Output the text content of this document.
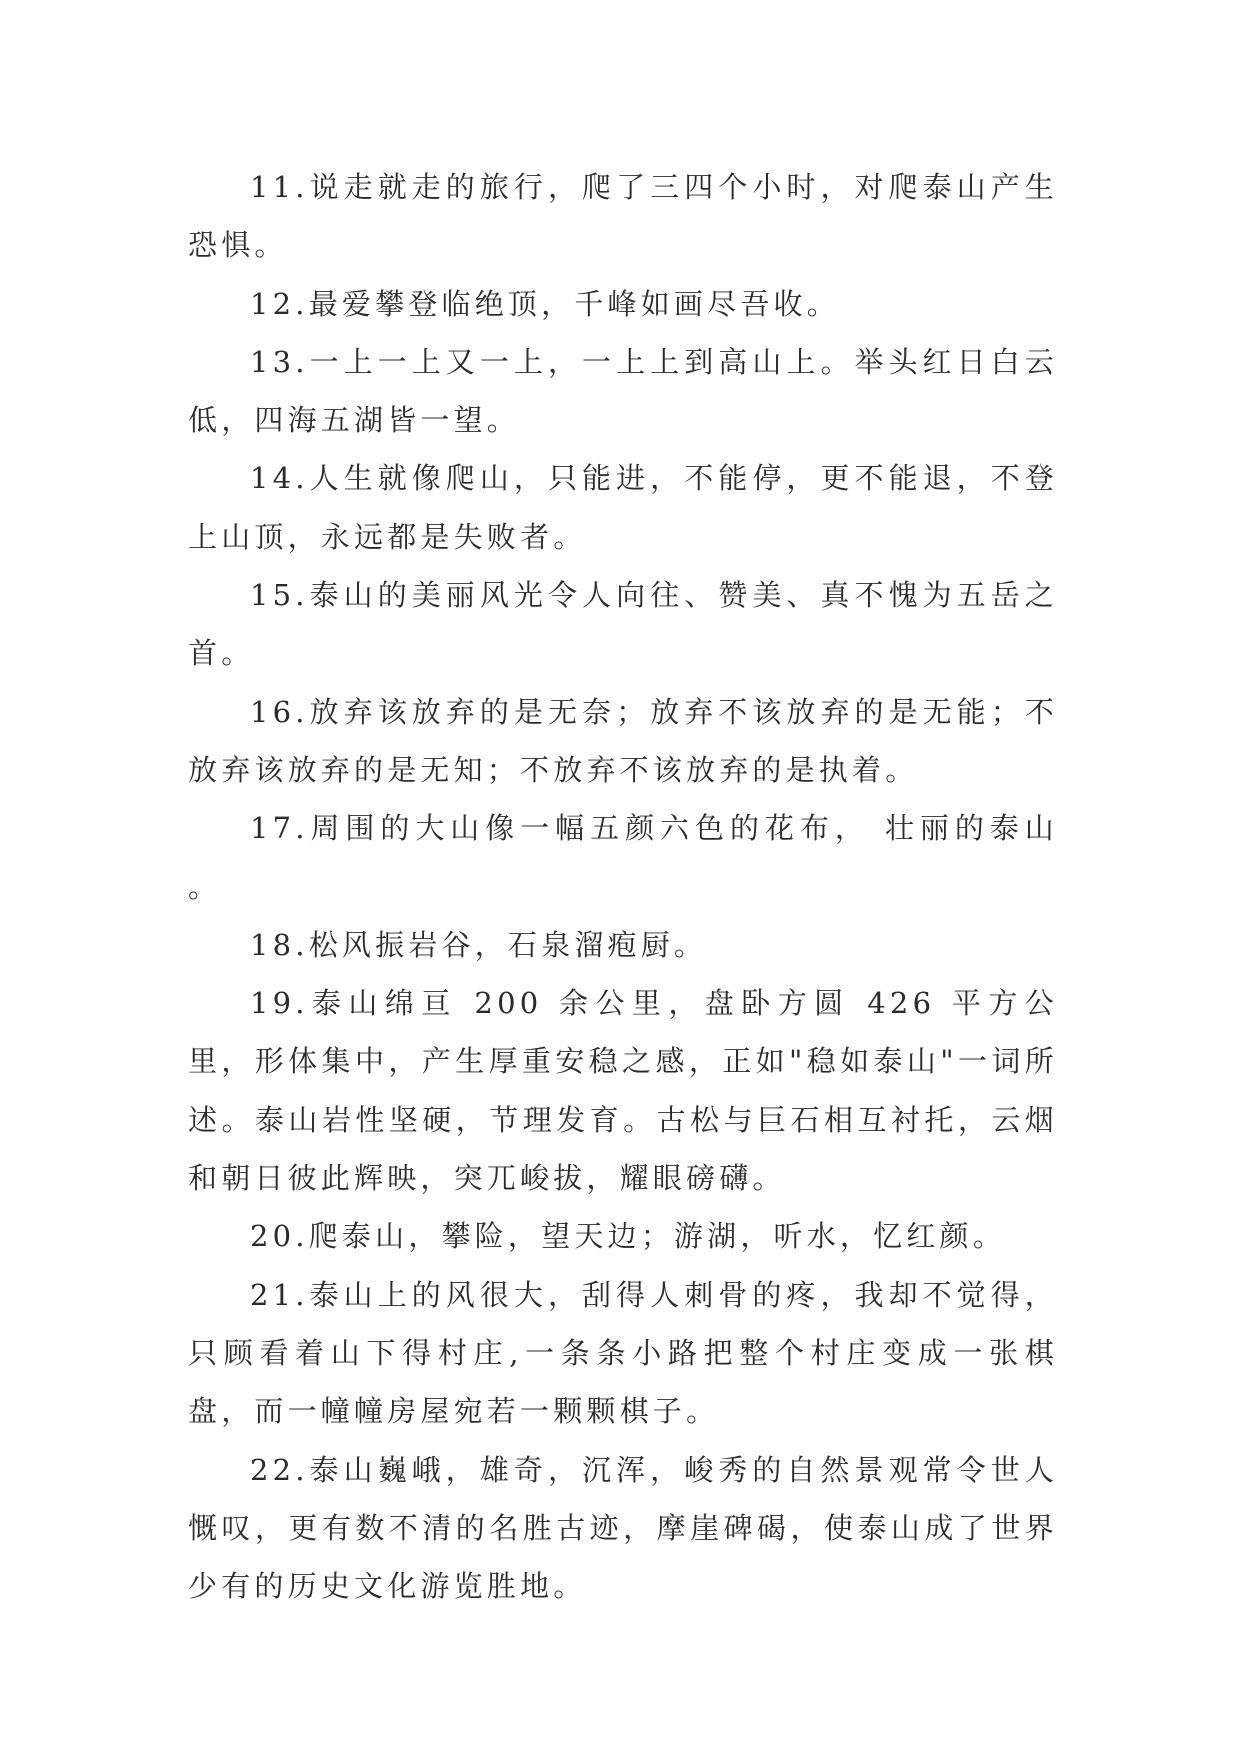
11.说走就走的旅行，爬了三四个小时，对爬泰山产生恐惧。

12.最爱攀登临绝顶，千峰如画尽吾收。

13.一上一上又一上，一上上到高山上。举头红日白云低，四海五湖皆一望。

14.人生就像爬山，只能进，不能停，更不能退，不登上山顶，永远都是失败者。

15.泰山的美丽风光令人向往、赞美、真不愧为五岳之首。

16.放弃该放弃的是无奈；放弃不该放弃的是无能；不放弃该放弃的是无知；不放弃不该放弃的是执着。

17.周围的大山像一幅五颜六色的花布， 壮丽的泰山 。

18.松风振岩谷，石泉溜疱厨。

19.泰山绵亘 200 余公里，盘卧方圆 426 平方公里，形体集中，产生厚重安稳之感，正如"稳如泰山"一词所述。泰山岩性坚硬，节理发育。古松与巨石相互衬托，云烟和朝日彼此辉映，突兀峻拔，耀眼磅礴。

20.爬泰山，攀险，望天边；游湖，听水，忆红颜。

21.泰山上的风很大，刮得人刺骨的疼，我却不觉得，只顾看着山下得村庄,一条条小路把整个村庄变成一张棋盘，而一幢幢房屋宛若一颗颗棋子。

22.泰山巍峨，雄奇，沉浑，峻秀的自然景观常令世人慨叹，更有数不清的名胜古迹，摩崖碑碣，使泰山成了世界少有的历史文化游览胜地。
